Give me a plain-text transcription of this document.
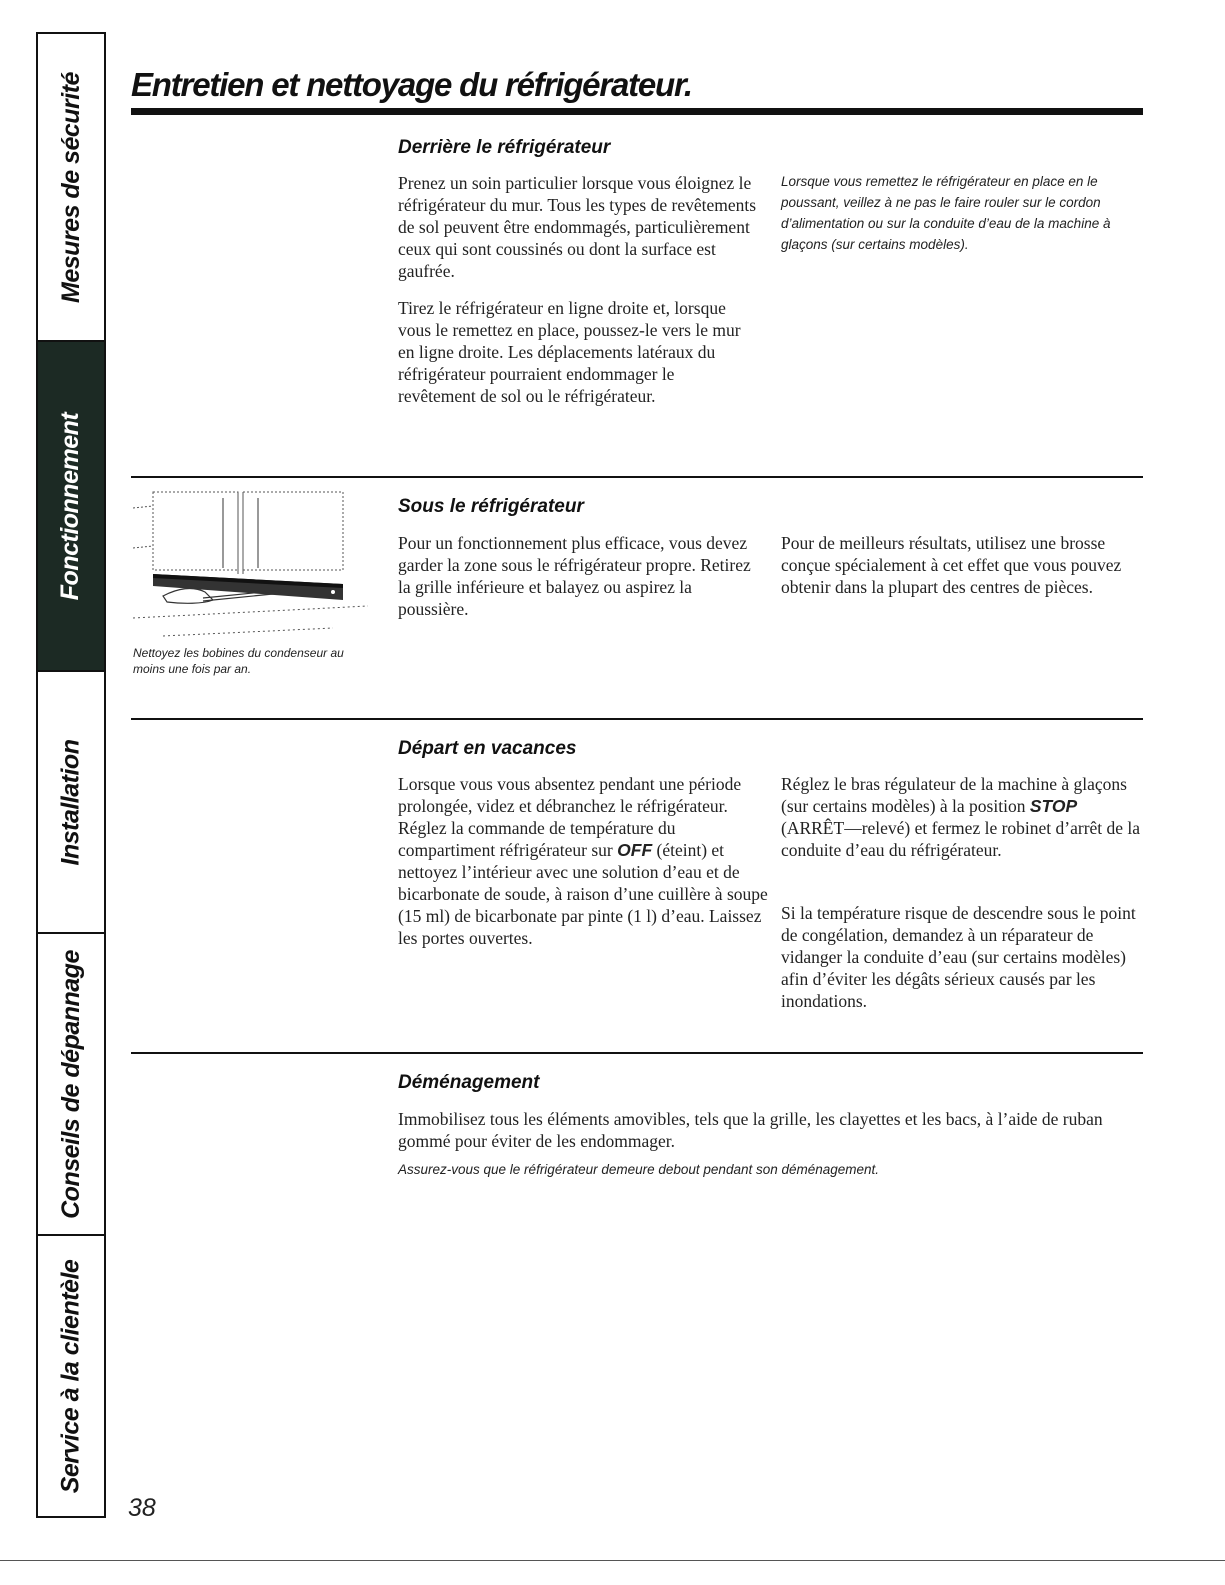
Mesures de sécurité
Fonctionnement
Installation
Conseils de dépannage
Service à la clientèle
Entretien et nettoyage du réfrigérateur.
Derrière le réfrigérateur

Prenez un soin particulier lorsque vous éloignez le réfrigérateur du mur. Tous les types de revêtements de sol peuvent être endommagés, particulièrement ceux qui sont coussinés ou dont la surface est gaufrée.

Tirez le réfrigérateur en ligne droite et, lorsque vous le remettez en place, poussez-le vers le mur en ligne droite. Les déplacements latéraux du réfrigérateur pourraient endommager le revêtement de sol ou le réfrigérateur.

Lorsque vous remettez le réfrigérateur en place en le poussant, veillez à ne pas le faire rouler sur le cordon d’alimentation ou sur la conduite d’eau de la machine à glaçons (sur certains modèles).

Nettoyez les bobines du condenseur au moins une fois par an.

Sous le réfrigérateur

Pour un fonctionnement plus efficace, vous devez garder la zone sous le réfrigérateur propre. Retirez la grille inférieure et balayez ou aspirez la poussière.

Pour de meilleurs résultats, utilisez une brosse conçue spécialement à cet effet que vous pouvez obtenir dans la plupart des centres de pièces.

Départ en vacances

Lorsque vous vous absentez pendant une période prolongée, videz et débranchez le réfrigérateur. Réglez la commande de température du compartiment réfrigérateur sur OFF (éteint) et nettoyez l’intérieur avec une solution d’eau et de bicarbonate de soude, à raison d’une cuillère à soupe (15 ml) de bicarbonate par pinte (1 l) d’eau. Laissez les portes ouvertes.

Réglez le bras régulateur de la machine à glaçons (sur certains modèles) à la position STOP (ARRÊT—relevé) et fermez le robinet d’arrêt de la conduite d’eau du réfrigérateur.

Si la température risque de descendre sous le point de congélation, demandez à un réparateur de vidanger la conduite d’eau (sur certains modèles) afin d’éviter les dégâts sérieux causés par les inondations.

Déménagement

Immobilisez tous les éléments amovibles, tels que la grille, les clayettes et les bacs, à l’aide de ruban gommé pour éviter de les endommager.

Assurez-vous que le réfrigérateur demeure debout pendant son déménagement.

38
